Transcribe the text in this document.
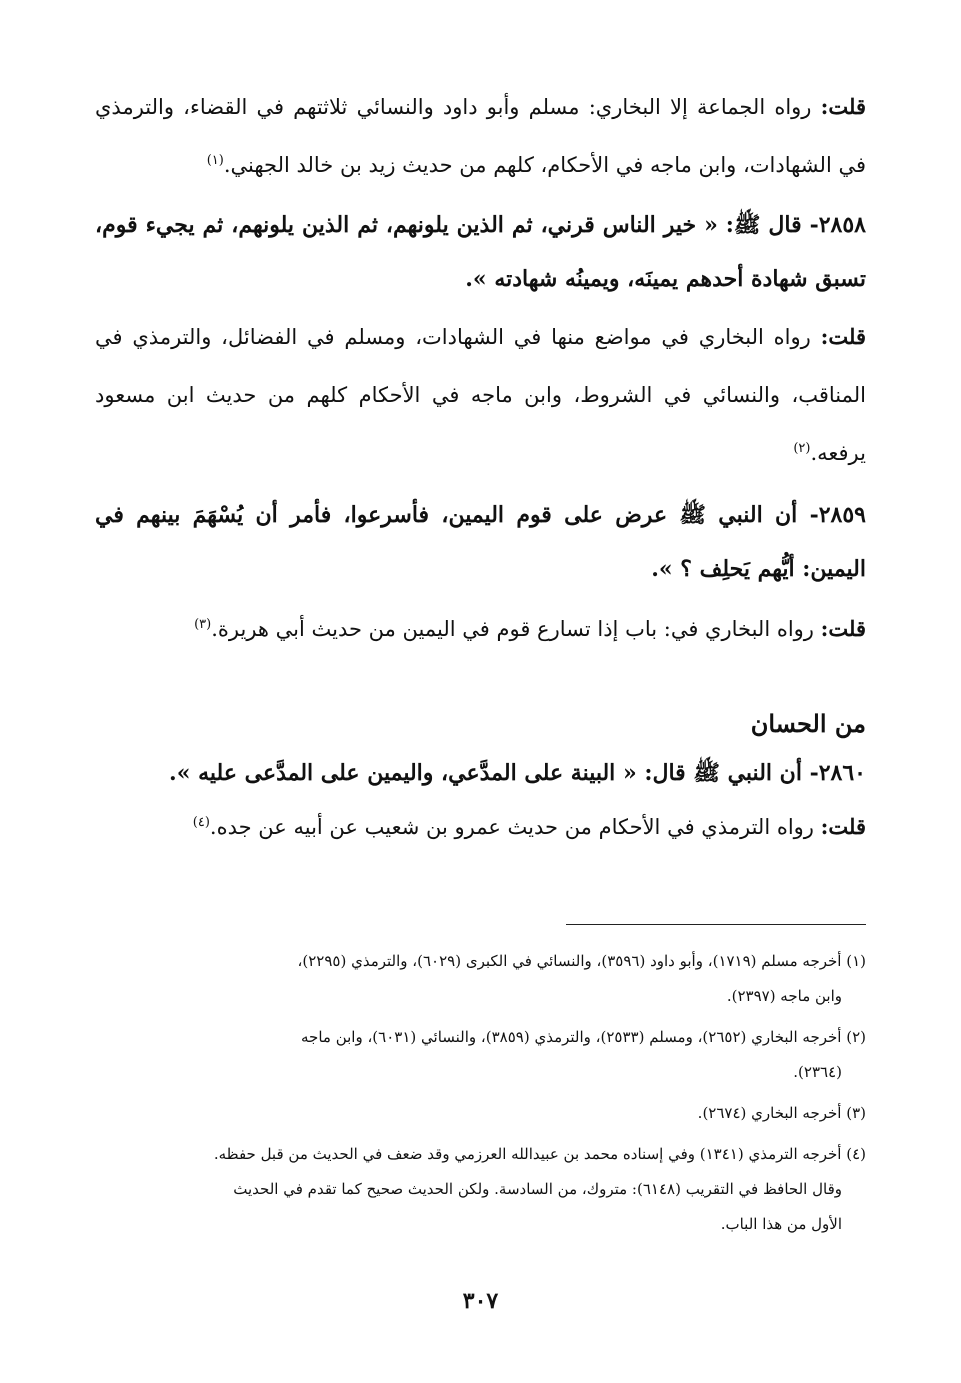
قلت: رواه الجماعة إلا البخاري: مسلم وأبو داود والنسائي ثلاثتهم في القضاء، والترمذي في الشهادات، وابن ماجه في الأحكام، كلهم من حديث زيد بن خالد الجهني.$^{(١)}$

٢٨٥٨- قال ﷺ: « خير الناس قرني، ثم الذين يلونهم، ثم الذين يلونهم، ثم يجيء قوم، تسبق شهادة أحدهم يمينَه، ويمينُه شهادته ».

قلت: رواه البخاري في مواضع منها في الشهادات، ومسلم في الفضائل، والترمذي في المناقب، والنسائي في الشروط، وابن ماجه في الأحكام كلهم من حديث ابن مسعود يرفعه.$^{(٢)}$

٢٨٥٩- أن النبي ﷺ عرض على قوم اليمين، فأسرعوا، فأمر أن يُسْهَمَ بينهم في اليمين: أيُّهم يَحلِف ؟ ».

قلت: رواه البخاري في: باب إذا تسارع قوم في اليمين من حديث أبي هريرة.$^{(٣)}$

من الحسان

٢٨٦٠- أن النبي ﷺ قال: « البينة على المدَّعي، واليمين على المدَّعى عليه ».

قلت: رواه الترمذي في الأحكام من حديث عمرو بن شعيب عن أبيه عن جده.$^{(٤)}$

(١) أخرجه مسلم (١٧١٩)، وأبو داود (٣٥٩٦)، والنسائي في الكبرى (٦٠٢٩)، والترمذي (٢٢٩٥)،
وابن ماجه (٢٣٩٧).
(٢) أخرجه البخاري (٢٦٥٢)، ومسلم (٢٥٣٣)، والترمذي (٣٨٥٩)، والنسائي (٦٠٣١)، وابن ماجه
(٢٣٦٤).
(٣) أخرجه البخاري (٢٦٧٤).
(٤) أخرجه الترمذي (١٣٤١) وفي إسناده محمد بن عبيدالله العرزمي وقد ضعف في الحديث من قبل حفظه.
وقال الحافظ في التقريب (٦١٤٨): متروك، من السادسة. ولكن الحديث صحيح كما تقدم في الحديث
الأول من هذا الباب.
٣٠٧
